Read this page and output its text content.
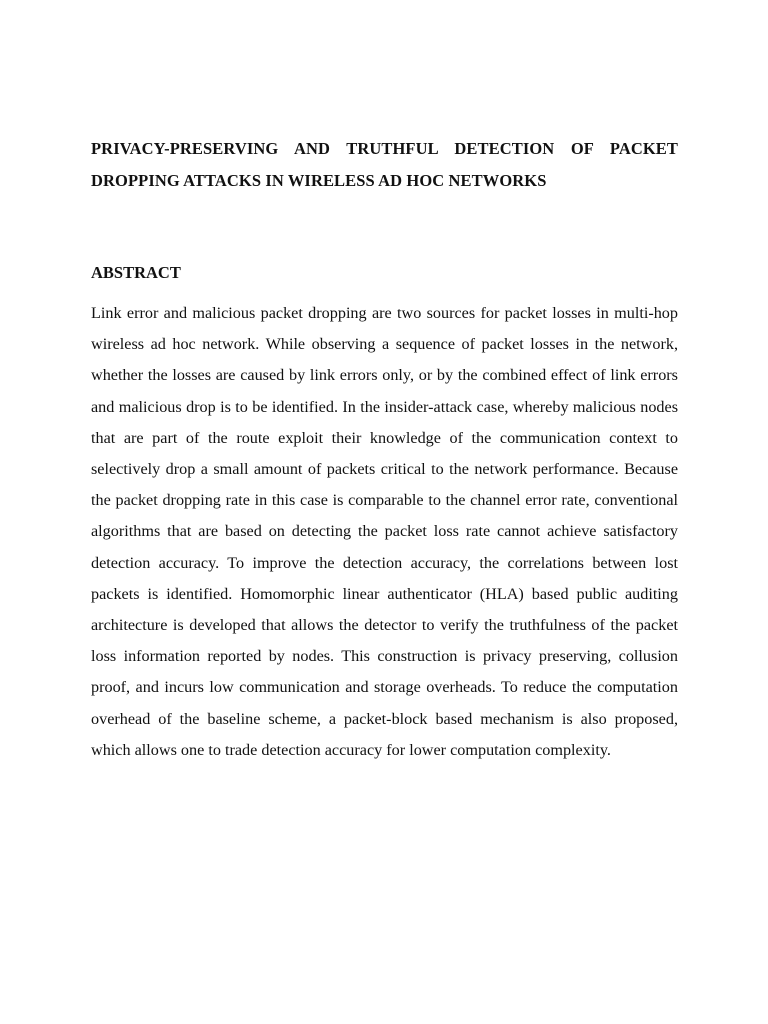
PRIVACY-PRESERVING AND TRUTHFUL DETECTION OF PACKET DROPPING ATTACKS IN WIRELESS AD HOC NETWORKS
ABSTRACT

Link error and malicious packet dropping are two sources for packet losses in multi-hop wireless ad hoc network. While observing a sequence of packet losses in the network, whether the losses are caused by link errors only, or by the combined effect of link errors and malicious drop is to be identified. In the insider-attack case, whereby malicious nodes that are part of the route exploit their knowledge of the communication context to selectively drop a small amount of packets critical to the network performance. Because the packet dropping rate in this case is comparable to the channel error rate, conventional algorithms that are based on detecting the packet loss rate cannot achieve satisfactory detection accuracy. To improve the detection accuracy, the correlations between lost packets is identified. Homomorphic linear authenticator (HLA) based public auditing architecture is developed that allows the detector to verify the truthfulness of the packet loss information reported by nodes. This construction is privacy preserving, collusion proof, and incurs low communication and storage overheads. To reduce the computation overhead of the baseline scheme, a packet-block based mechanism is also proposed, which allows one to trade detection accuracy for lower computation complexity.
